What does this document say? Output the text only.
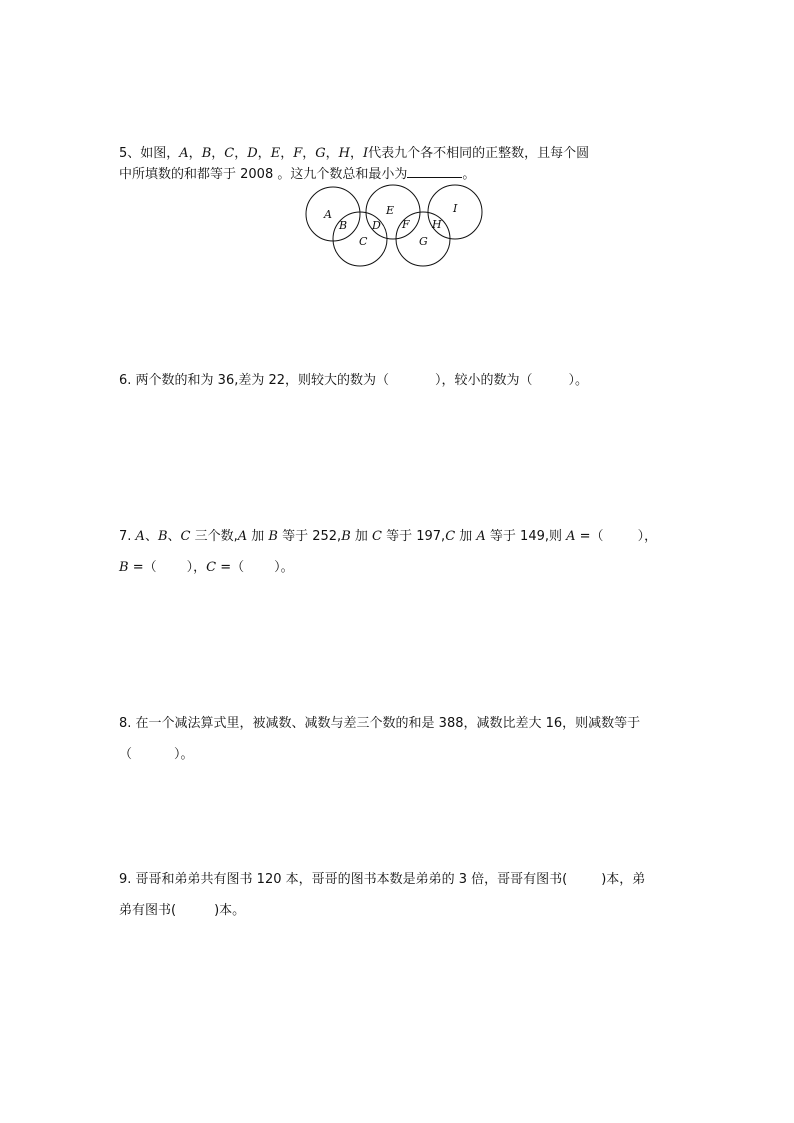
5、如图，A，B，C，D，E，F，G，H，I代表九个各不相同的正整数，且每个圆
中所填数的和都等于 2008 。这九个数总和最小为	。
A
B
C
D
E
F
G
H
I
6. 两个数的和为 36,差为 22，则较大的数为（	），较小的数为（	）。
7. A、B、C 三个数,A 加 B 等于 252,B 加 C 等于 197,C 加 A 等于 149,则 A =（	），
B =（ ），C =（ ）。
8. 在一个减法算式里，被减数、减数与差三个数的和是 388，减数比差大 16，则减数等于
（	）。
9. 哥哥和弟弟共有图书 120 本，哥哥的图书本数是弟弟的 3 倍，哥哥有图书(	)本，弟
弟有图书(	)本。
